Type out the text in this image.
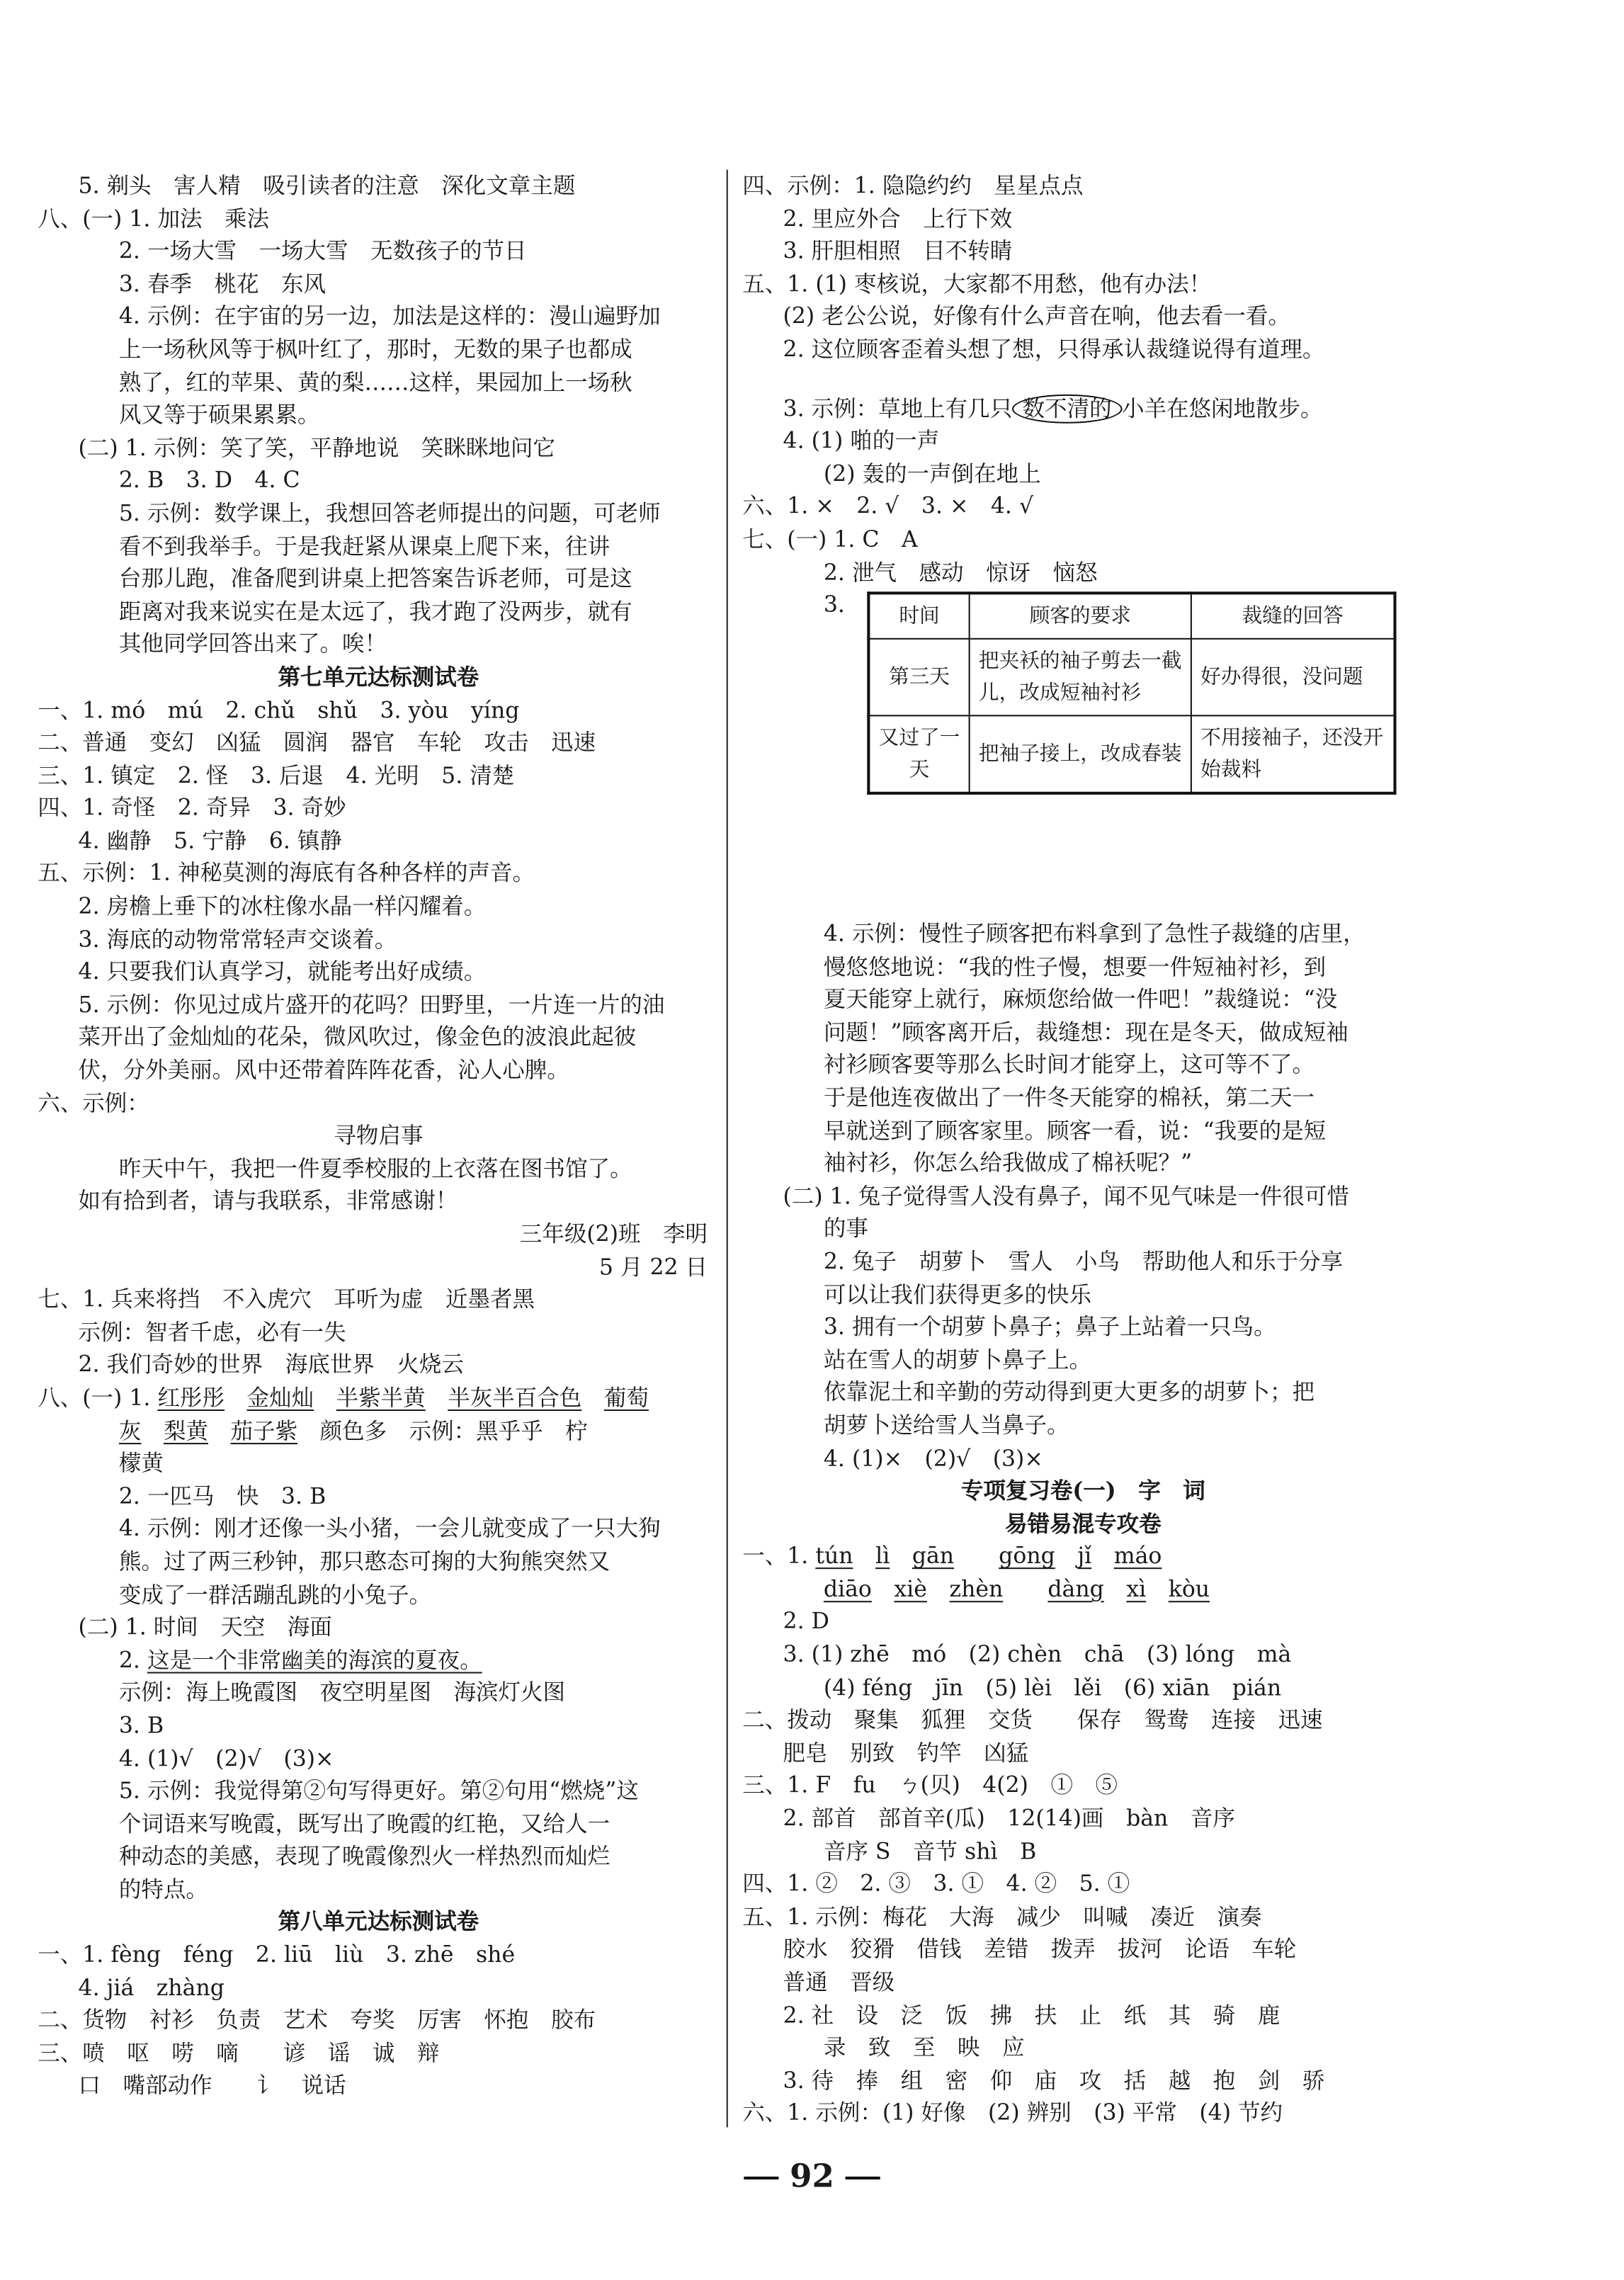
5. 剃头　害人精　吸引读者的注意　深化文章主题
八、(一) 1. 加法　乘法
2. 一场大雪　一场大雪　无数孩子的节日
3. 春季　桃花　东风
4. 示例：在宇宙的另一边，加法是这样的：漫山遍野加
上一场秋风等于枫叶红了，那时，无数的果子也都成
熟了，红的苹果、黄的梨……这样，果园加上一场秋
风又等于硕果累累。
(二) 1. 示例：笑了笑，平静地说　笑眯眯地问它
2. B　3. D　4. C
5. 示例：数学课上，我想回答老师提出的问题，可老师
看不到我举手。于是我赶紧从课桌上爬下来，往讲
台那儿跑，准备爬到讲桌上把答案告诉老师，可是这
距离对我来说实在是太远了，我才跑了没两步，就有
其他同学回答出来了。唉！
第七单元达标测试卷
一、1. mó　mú　2. chǔ　shǔ　3. yòu　yíng
二、普通　变幻　凶猛　圆润　器官　车轮　攻击　迅速
三、1. 镇定　2. 怪　3. 后退　4. 光明　5. 清楚
四、1. 奇怪　2. 奇异　3. 奇妙
4. 幽静　5. 宁静　6. 镇静
五、示例：1. 神秘莫测的海底有各种各样的声音。
2. 房檐上垂下的冰柱像水晶一样闪耀着。
3. 海底的动物常常轻声交谈着。
4. 只要我们认真学习，就能考出好成绩。
5. 示例：你见过成片盛开的花吗？田野里，一片连一片的油
菜开出了金灿灿的花朵，微风吹过，像金色的波浪此起彼
伏，分外美丽。风中还带着阵阵花香，沁人心脾。
六、示例：
寻物启事
昨天中午，我把一件夏季校服的上衣落在图书馆了。
如有拾到者，请与我联系，非常感谢！
三年级(2)班　李明
5 月 22 日
七、1. 兵来将挡　不入虎穴　耳听为虚　近墨者黑
示例：智者千虑，必有一失
2. 我们奇妙的世界　海底世界　火烧云
八、(一) 1. 红彤彤　 金灿灿　 半紫半黄　 半灰半百合色　 葡萄
灰　 梨黄　 茄子紫　颜色多　示例：黑乎乎　柠
檬黄
2. 一匹马　快　3. B
4. 示例：刚才还像一头小猪，一会儿就变成了一只大狗
熊。过了两三秒钟，那只憨态可掬的大狗熊突然又
变成了一群活蹦乱跳的小兔子。
(二) 1. 时间　天空　海面
2. 这是一个非常幽美的海滨的夏夜。
示例：海上晚霞图　夜空明星图　海滨灯火图
3. B
4. (1)√　(2)√　(3)×
5. 示例：我觉得第②句写得更好。第②句用“燃烧”这
个词语来写晚霞，既写出了晚霞的红艳，又给人一
种动态的美感，表现了晚霞像烈火一样热烈而灿烂
的特点。
第八单元达标测试卷
一、1. fèng　féng　2. liū　liù　3. zhē　shé
4. jiá　zhàng
二、货物　衬衫　负责　艺术　夸奖　厉害　怀抱　胶布
三、喷　呕　唠　嘀　　谚　谣　诚　辩
口　嘴部动作　　讠　说话
四、示例：1. 隐隐约约　星星点点
2. 里应外合　上行下效
3. 肝胆相照　目不转睛
五、1. (1) 枣核说，大家都不用愁，他有办法！
(2) 老公公说，好像有什么声音在响，他去看一看。
2. 这位顾客歪着头想了想，只得承认裁缝说得有道理。
3. 示例：草地上有几只 数不清的 小羊在悠闲地散步。
4. (1) 啪的一声
(2) 轰的一声倒在地上
六、1. ×　2. √　3. ×　4. √
七、(一) 1. C　A
2. 泄气　感动　惊讶　恼怒
3.	时间	顾客的要求	裁缝的回答
第三天	把夹袄的袖子剪去一截儿，改成短袖衬衫	好办得很，没问题
又过了一天	把袖子接上，改成春装	不用接袖子，还没开始裁料
4. 示例：慢性子顾客把布料拿到了急性子裁缝的店里，
慢悠悠地说：“我的性子慢，想要一件短袖衬衫，到
夏天能穿上就行，麻烦您给做一件吧！”裁缝说：“没
问题！”顾客离开后，裁缝想：现在是冬天，做成短袖
衬衫顾客要等那么长时间才能穿上，这可等不了。
于是他连夜做出了一件冬天能穿的棉袄，第二天一
早就送到了顾客家里。顾客一看，说：“我要的是短
袖衬衫，你怎么给我做成了棉袄呢？”
(二) 1. 兔子觉得雪人没有鼻子，闻不见气味是一件很可惜
的事
2. 兔子　胡萝卜　雪人　小鸟　帮助他人和乐于分享
可以让我们获得更多的快乐
3. 拥有一个胡萝卜鼻子；鼻子上站着一只鸟。
站在雪人的胡萝卜鼻子上。
依靠泥土和辛勤的劳动得到更大更多的胡萝卜；把
胡萝卜送给雪人当鼻子。
4. (1)×　(2)√　(3)×
专项复习卷(一)　字　词
易错易混专攻卷
一、1. tún　 lì　 gān　　	gōng　 jǐ　 máo
diāo　 xiè　 zhèn　　	dàng　 xì　 kòu
2. D
3. (1) zhē　mó　(2) chèn　chā　(3) lóng　mà
(4) féng　jīn　(5) lèi　lěi　(6) xiān　pián
二、拨动　聚集　狐狸　交货　　保存　鸳鸯　连接　迅速
肥皂　别致　钓竿　凶猛
三、1. F　fu　ㄅ(贝)　4(2)　①　⑤
2. 部首　部首辛(瓜)　12(14)画　bàn　音序
音序 S　音节 shì　B
四、1. ②　2. ③　3. ①　4. ②　5. ①
五、1. 示例：梅花　大海　减少　叫喊　凑近　演奏
胶水　狡猾　借钱　差错　拨弄　拔河　论语　车轮
普通　晋级
2. 社　设　泛　饭　拂　扶　止　纸　其　骑　鹿
录　致　至　映　应
3. 待　捧　组　密　仰　庙　攻　括　越　抱　剑　骄
六、1. 示例：(1) 好像　(2) 辨别　(3) 平常　(4) 节约
92
